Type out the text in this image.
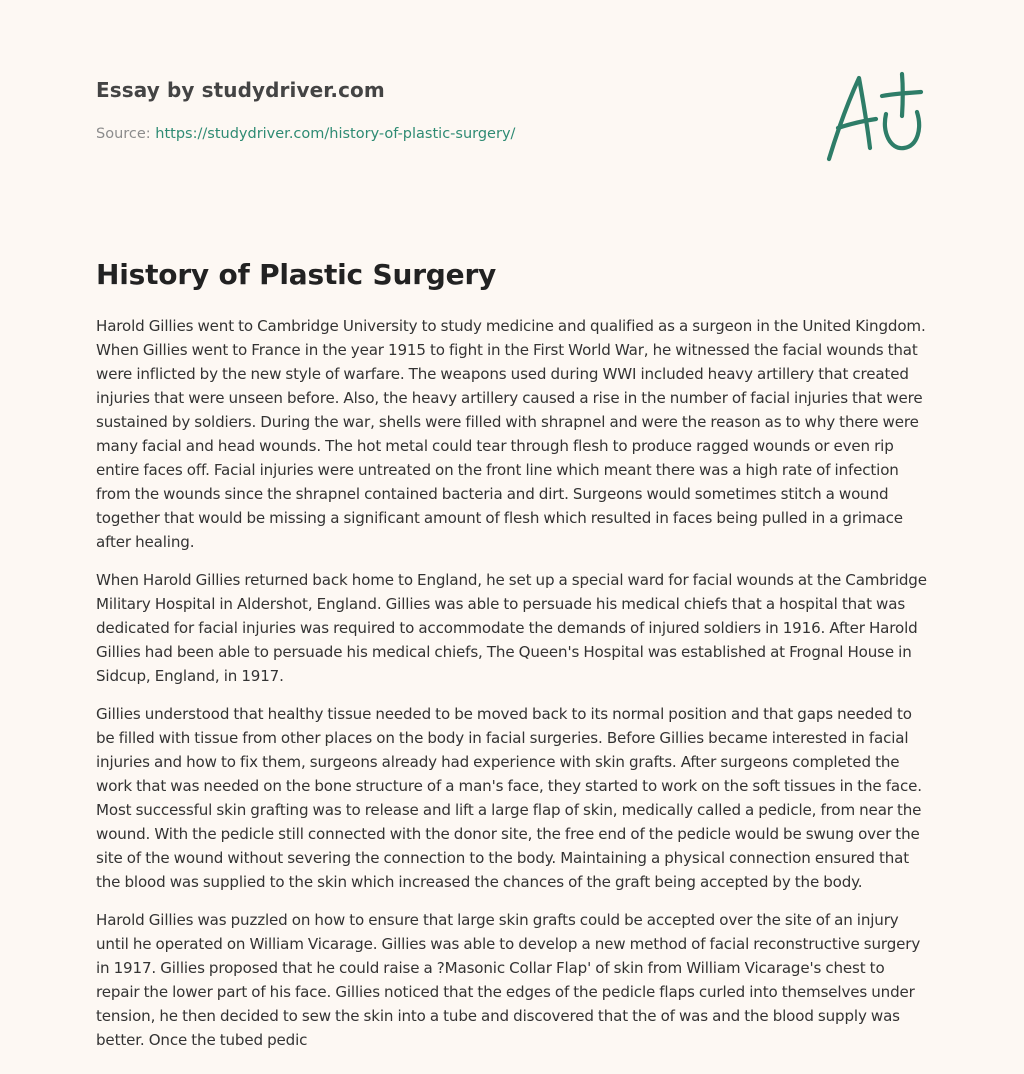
Essay by studydriver.com
Source: https://studydriver.com/history-of-plastic-surgery/
History of Plastic Surgery

Harold Gillies went to Cambridge University to study medicine and qualified as a surgeon in the United Kingdom. When Gillies went to France in the year 1915 to fight in the First World War, he witnessed the facial wounds that were inflicted by the new style of warfare. The weapons used during WWI included heavy artillery that created injuries that were unseen before. Also, the heavy artillery caused a rise in the number of facial injuries that were sustained by soldiers. During the war, shells were filled with shrapnel and were the reason as to why there were many facial and head wounds. The hot metal could tear through flesh to produce ragged wounds or even rip entire faces off. Facial injuries were untreated on the front line which meant there was a high rate of infection from the wounds since the shrapnel contained bacteria and dirt. Surgeons would sometimes stitch a wound together that would be missing a significant amount of flesh which resulted in faces being pulled in a grimace after healing.

When Harold Gillies returned back home to England, he set up a special ward for facial wounds at the Cambridge Military Hospital in Aldershot, England. Gillies was able to persuade his medical chiefs that a hospital that was dedicated for facial injuries was required to accommodate the demands of injured soldiers in 1916. After Harold Gillies had been able to persuade his medical chiefs, The Queen's Hospital was established at Frognal House in Sidcup, England, in 1917.

Gillies understood that healthy tissue needed to be moved back to its normal position and that gaps needed to be filled with tissue from other places on the body in facial surgeries. Before Gillies became interested in facial injuries and how to fix them, surgeons already had experience with skin grafts. After surgeons completed the work that was needed on the bone structure of a man's face, they started to work on the soft tissues in the face. Most successful skin grafting was to release and lift a large flap of skin, medically called a pedicle, from near the wound. With the pedicle still connected with the donor site, the free end of the pedicle would be swung over the site of the wound without severing the connection to the body. Maintaining a physical connection ensured that the blood was supplied to the skin which increased the chances of the graft being accepted by the body.

Harold Gillies was puzzled on how to ensure that large skin grafts could be accepted over the site of an injury until he operated on William Vicarage. Gillies was able to develop a new method of facial reconstructive surgery in 1917. Gillies proposed that he could raise a ?Masonic Collar Flap' of skin from William Vicarage's chest to repair the lower part of his face. Gillies noticed that the edges of the pedicle flaps curled into themselves under tension, he then decided to sew the skin into a tube and discovered that the of was and the blood supply was better. Once the tubed pedic
